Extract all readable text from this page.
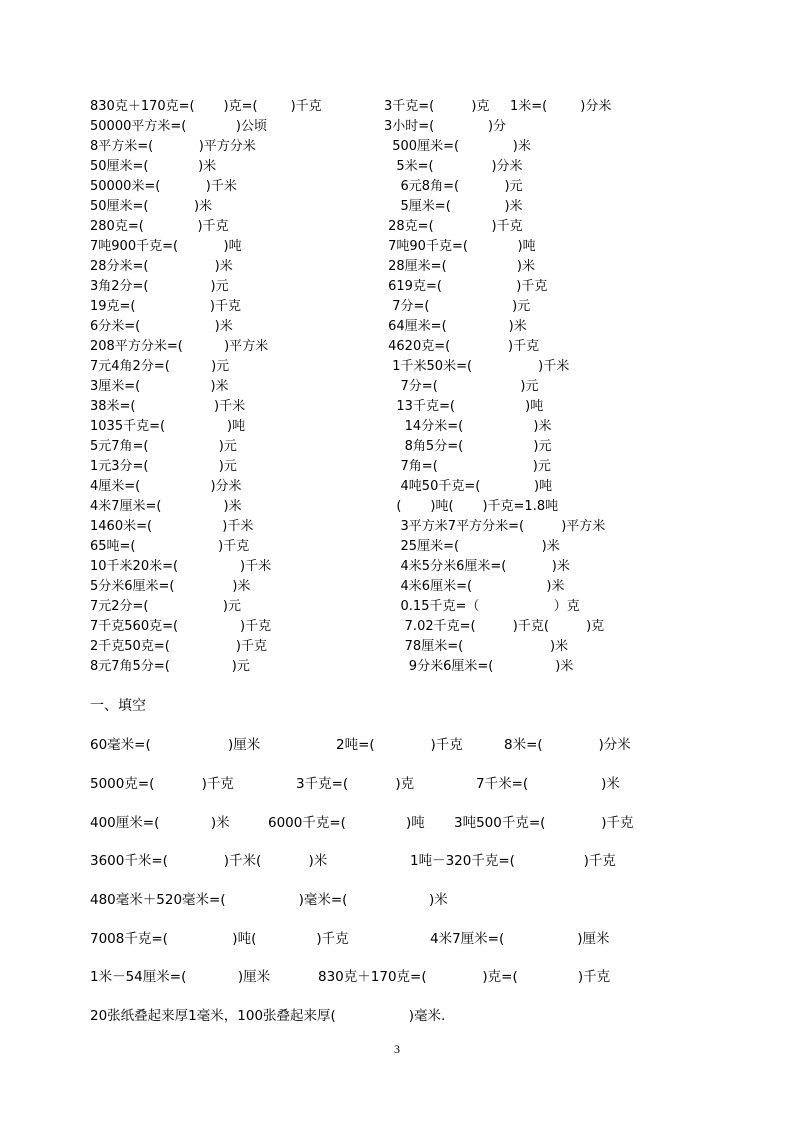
830克＋170克=(       )克=(        )千克	3千克=(         )克 1米=(        )分米
50000平方米=(            )公顷	3小时=(             )分
8平方米=(           )平方分米	500厘米=(             )米
50厘米=(            )米	5米=(              )分米
50000米=(           )千米	6元8角=(           )元
50厘米=(           )米	5厘米=(             )米
280克=(             )千克	28克=(              )千克
7吨900千克=(           )吨	7吨90千克=(            )吨
28分米=(                )米	28厘米=(                 )米
3角2分=(               )元	619克=(                  )千克
19克=(                  )千克	7分=(                    )元
6分米=(                  )米	64厘米=(               )米
208平方分米=(          )平方米	4620克=(              )千克
7元4角2分=(          )元	1千米50米=(                )千米
3厘米=(                 )米	7分=(                    )元
38米=(                   )千米	13千克=(                 )吨
1035千克=(               )吨	14分米=(                 )米
5元7角=(                 )元	8角5分=(                 )元
1元3分=(                 )元	7角=(                       )元
4厘米=(                 )分米	4吨50千克=(             )吨
4米7厘米=(               )米	(       )吨(       )千克=1.8吨
1460米=(                 )千米	3平方米7平方分米=(         )平方米
65吨=(                    )千克	25厘米=(                    )米
10千米20米=(               )千米	4米5分米6厘米=(           )米
5分米6厘米=(              )米	4米6厘米=(                  )米
7元2分=(                  )元	0.15千克=（                  ）克
7千克560克=(               )千克	7.02千克=(         )千克(         )克
2千克50克=(                )千克	78厘米=(                     )米
8元7角5分=(               )元	9分米6厘米=(               )米
一、填空
60毫米=(                  )厘米	2吨=(             )千克	8米=(             )分米
5000克=(           )千克	3千克=(           )克	7千米=(                 )米
400厘米=(            )米	6000千克=(              )吨 3吨500千克=(             )千克
3600千米=(             )千米(           )米	1吨－320千克=(                )千克
480毫米＋520毫米=(                 )毫米=(                   )米
7008千克=(               )吨(              )千克	4米7厘米=(                 )厘米
1米－54厘米=(            )厘米	830克＋170克=(             )克=(              )千克
20张纸叠起来厚1毫米，100张叠起来厚(                 )毫米.
3
